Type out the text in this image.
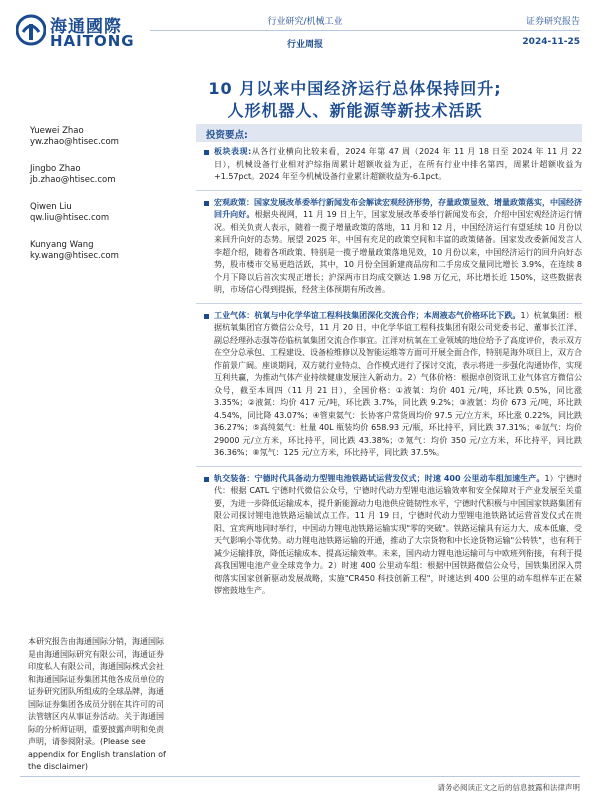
海通國際
HAITONG
行业研究/机械工业
行业周报
证券研究报告
2024-11-25
10 月以来中国经济运行总体保持回升;
人形机器人、新能源等新技术活跃
Yuewei Zhao
yw.zhao@htisec.com
Jingbo Zhao
jb.zhao@htisec.com
Qiwen Liu
qw.liu@htisec.com
Kunyang Wang
ky.wang@htisec.com
投资要点:
板块表现:从各行业横向比较来看，2024 年第 47 周（2024 年 11 月 18 日至 2024 年 11 月 22 日），机械设备行业相对沪综指周累计超额收益为正，在所有行业中排名第四，周累计超额收益为+1.57pct。2024 年至今机械设备行业累计超额收益为-6.1pct。
宏观政策：国家发展改革委举行新闻发布会解读宏观经济形势，存量政策显效、增量政策落实，中国经济回升向好。根据央视网，11 月 19 日上午，国家发展改革委举行新闻发布会，介绍中国宏观经济运行情况。相关负责人表示，随着一揽子增量政策的落地，11 月和 12 月，中国经济运行有望延续 10 月份以来回升向好的态势。展望 2025 年，中国有充足的政策空间和丰富的政策储备。国家发改委新闻发言人李超介绍，随着各项政策、特别是一揽子增量政策落地见效，10 月份以来，中国经济运行的回升向好态势，股市楼市交易更趋活跃，其中，10 月份全国新建商品房和二手房成交量同比增长 3.9%，在连续 8 个月下降以后首次实现正增长；沪深两市日均成交额达 1.98 万亿元，环比增长近 150%，这些数据表明，市场信心得到提振，经营主体预期有所改善。
工业气体：杭氧与中化学华谊工程科技集团深化交流合作；本周液态气价格环比下跌。1）杭氧集团：根据杭氧集团官方微信公众号，11 月 20 日，中化学华谊工程科技集团有限公司党委书记、董事长江洋、副总经理孙志强等莅临杭氧集团交流合作事宜。江洋对杭氧在工业领域的地位给予了高度评价，表示双方在空分总承包、工程建设、设备检维修以及智能运维等方面可开展全面合作，特别是海外项目上，双方合作前景广阔。座谈期间，双方就行业特点、合作模式进行了探讨交流，表示将进一步强化沟通协作，实现互利共赢，为推动气体产业持续健康发展注入新动力。2）气体价格：根据卓创资讯工业气体官方微信公众号，截至本周四（11 月 21 日），全国价格：①液氧：均价 401 元/吨，环比跌 0.5%，同比涨 3.35%；②液氮：均价 417 元/吨，环比跌 3.7%，同比跌 9.2%；③液氩：均价 673 元/吨，环比跌 4.54%，同比降 43.07%；④管束氦气：长协客户常货周均价 97.5 元/立方米，环比涨 0.22%，同比跌 36.27%；⑤高纯氦气：杜量 40L 瓶装均价 658.93 元/瓶，环比持平，同比跌 37.31%；⑥氙气：均价 29000 元/立方米，环比持平，同比跌 43.38%；⑦氪气：均价 350 元/立方米，环比持平，同比跌 36.36%；⑧氖气：125 元/立方米，环比持平，同比跌 37.5%。
轨交装备：宁德时代具备动力型锂电池铁路试运营发仪式；时速 400 公里动车组加速生产。1）宁德时代：根据 CATL 宁德时代微信公众号，宁德时代动力型锂电池运输效率和安全保障对于产业发展至关重要，为进一步降低运输成本，提升新能源动力电池供应链韧性水平，宁德时代积极与中国国家铁路集团有限公司探讨锂电池铁路运输试点工作。11 月 19 日，宁德时代动力型锂电池铁路试运营首发仪式在贵阳、宜宾两地同时举行，中国动力锂电池铁路运输实现"零的突破"。铁路运输具有运力大、成本低廉、受天气影响小等优势。动力锂电池铁路运输的开通，推动了大宗货物和中长途货物运输"公转铁"，也有利于减少运输排放，降低运输成本、提高运输效率。未来，国内动力锂电池运输可与中欧班列衔接，有利于提高我国锂电池产业全球竞争力。2）时速 400 公里动车组：根据中国铁路微信公众号，国铁集团深入贯彻落实国家创新驱动发展战略，实施"CR450 科技创新工程"，时速达到 400 公里的动车组样车正在紧锣密鼓地生产。
本研究报告由海通国际分销，海通国际是由海通国际研究有限公司，海通证券印度私人有限公司，海通国际株式会社和海通国际证券集团其他各成员单位的证券研究团队所组成的全球品牌，海通国际证券集团各成员分别在其许可的司法管辖区内从事证券活动。关于海通国际的分析师证明，重要披露声明和免责声明，请参阅附录。(Please see appendix for English translation of the disclaimer)
请务必阅读正文之后的信息披露和法律声明
